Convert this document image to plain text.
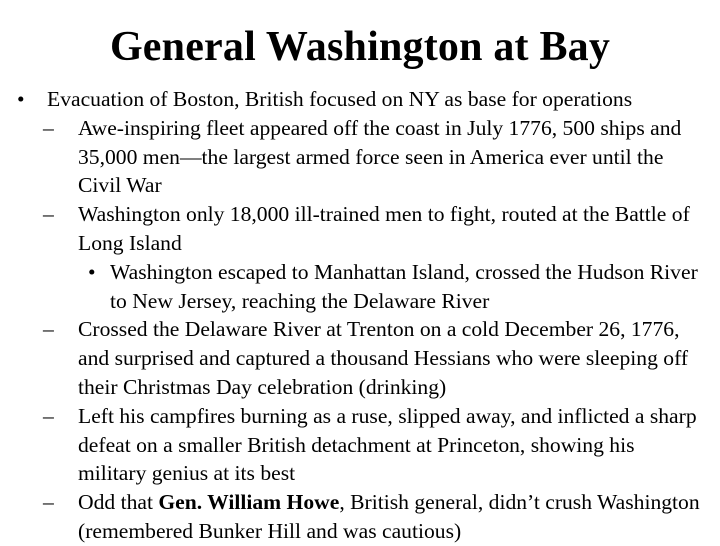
General Washington at Bay
• Evacuation of Boston, British focused on NY as base for operations
– Awe-inspiring fleet appeared off the coast in July 1776, 500 ships and 35,000 men—the largest armed force seen in America ever until the Civil War
– Washington only 18,000 ill-trained men to fight, routed at the Battle of Long Island
• Washington escaped to Manhattan Island, crossed the Hudson River to New Jersey, reaching the Delaware River
– Crossed the Delaware River at Trenton on a cold December 26, 1776, and surprised and captured a thousand Hessians who were sleeping off their Christmas Day celebration (drinking)
– Left his campfires burning as a ruse, slipped away, and inflicted a sharp defeat on a smaller British detachment at Princeton, showing his military genius at its best
– Odd that Gen. William Howe, British general, didn’t crush Washington (remembered Bunker Hill and was cautious)
